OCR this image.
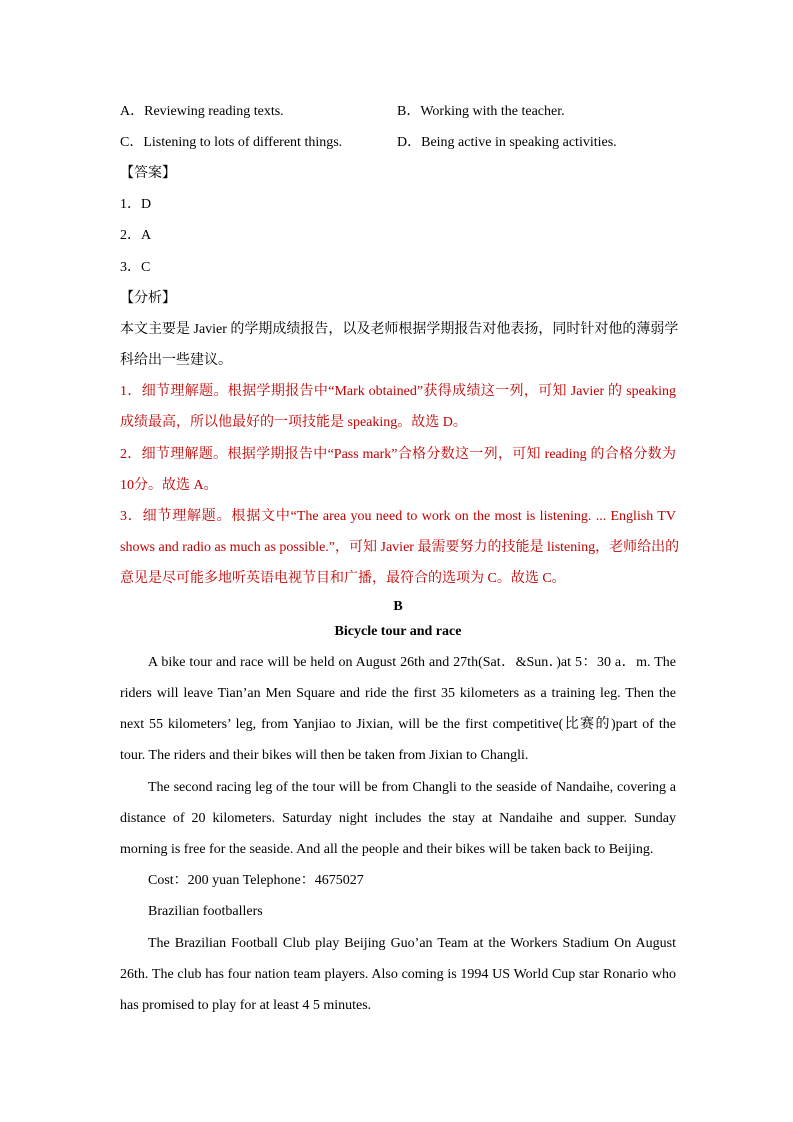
A．Reviewing reading texts.	B．Working with the teacher.
C．Listening to lots of different things.	D．Being active in speaking activities.
【答案】
1．D
2．A
3．C
【分析】
本文主要是 Javier 的学期成绩报告，以及老师根据学期报告对他表扬，同时针对他的薄弱学
科给出一些建议。
1．细节理解题。根据学期报告中“Mark obtained”获得成绩这一列，可知 Javier 的 speaking
成绩最高，所以他最好的一项技能是 speaking。故选 D。
2．细节理解题。根据学期报告中“Pass mark”合格分数这一列，可知 reading 的合格分数为
10分。故选 A。
3．细节理解题。根据文中“The area you need to work on the most is listening. ... English TV
shows and radio as much as possible.”，可知 Javier 最需要努力的技能是 listening，老师给出的
意见是尽可能多地听英语电视节目和广播，最符合的选项为 C。故选 C。
B
Bicycle tour and race
A bike tour and race will be held on August 26th and 27th(Sat．&Sun．)at 5：30 a．m. The
riders will leave Tian’an Men Square and ride the first 35 kilometers as a training leg. Then the
next 55 kilometers’ leg, from Yanjiao to Jixian, will be the first competitive(比赛的)part of the
tour. The riders and their bikes will then be taken from Jixian to Changli.
The second racing leg of the tour will be from Changli to the seaside of Nandaihe, covering a
distance of 20 kilometers. Saturday night includes the stay at Nandaihe and supper. Sunday
morning is free for the seaside. And all the people and their bikes will be taken back to Beijing.
Cost：200 yuan Telephone：4675027
Brazilian footballers
The Brazilian Football Club play Beijing Guo’an Team at the Workers Stadium On August
26th. The club has four nation team players. Also coming is 1994 US World Cup star Ronario who
has promised to play for at least 4 5 minutes.
